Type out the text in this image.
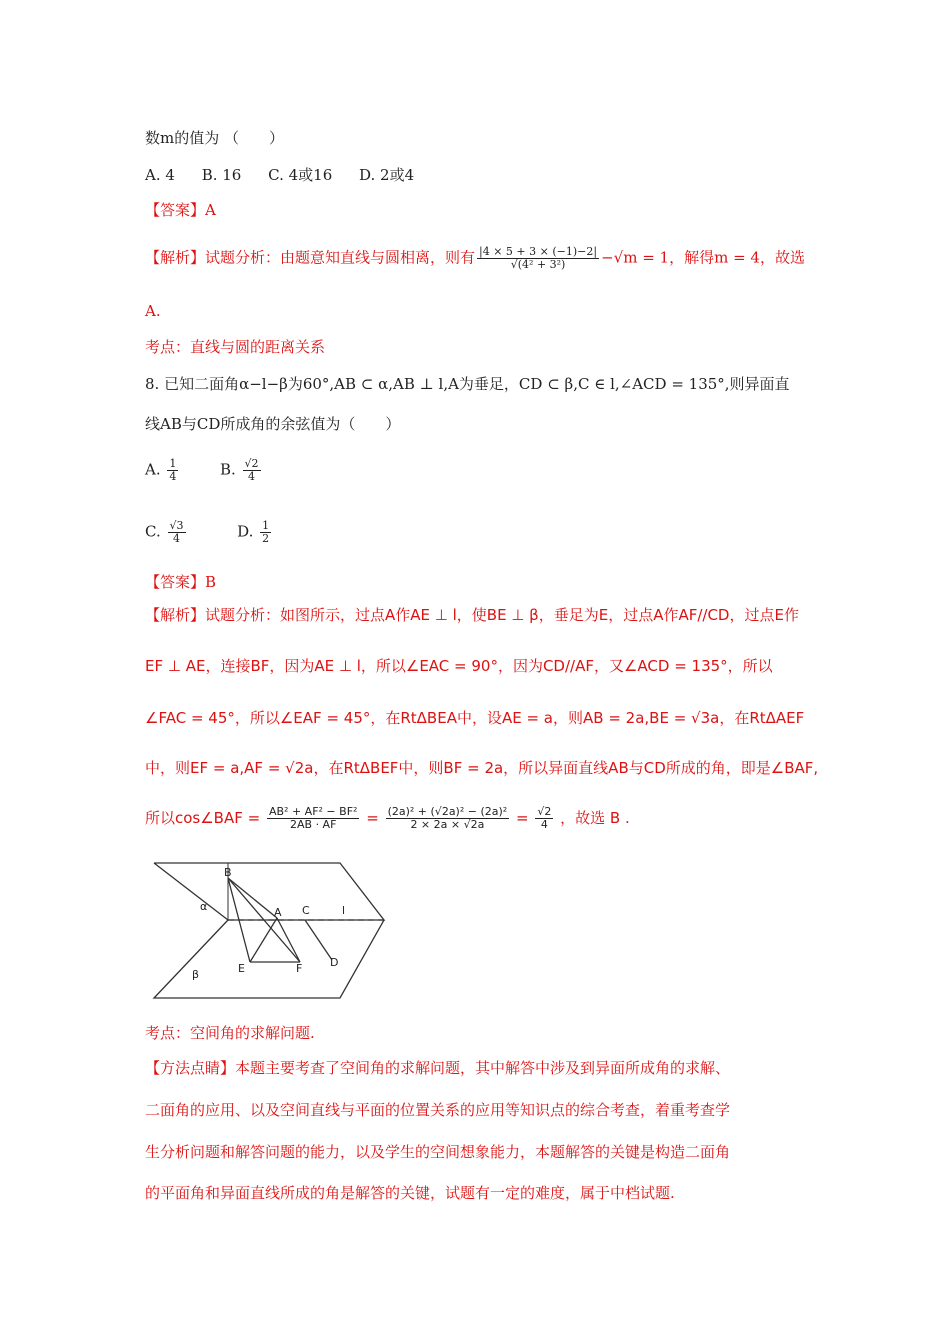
数m的值为 （　　）
A. 4 B. 16 C. 4或16 D. 2或4
【答案】A
【解析】试题分析：由题意知直线与圆相离，则有 $\frac{|4 \times 5 + 3 \times (-1)-2|}{\text{√(4² + 3²)}} -√m = 1$，解得m = 4，故选
A.
考点：直线与圆的距离关系
8. 已知二面角α−l−β为60°,AB ⊂ α,AB ⊥ l,A为垂足，CD ⊂ β,C ∈ l,∠ACD = 135°,则异面直
线AB与CD所成角的余弦值为（　　）
A. $\frac{1}{4}$	B. $\frac{√2}{4}$
C. $\frac{√3}{4}$	D. $\frac{1}{2}$
【答案】B
【解析】试题分析：如图所示，过点A作AE ⊥ l，使BE ⊥ β，垂足为E，过点A作AF//CD，过点E作
EF ⊥ AE，连接BF，因为AE ⊥ l，所以∠EAC = 90°，因为CD//AF，又∠ACD = 135°，所以
∠FAC = 45°，所以∠EAF = 45°，在RtΔBEA中，设AE = a，则AB = 2a,BE = √3a，在RtΔAEF
中，则EF = a,AF = √2a，在RtΔBEF中，则BF = 2a，所以异面直线AB与CD所成的角，即是∠BAF,
所以cos∠BAF = $\frac{\text{AB² + AF² − BF²}}{2AB \cdot AF} = \frac{\text{(2a)² + (√2a)² − (2a)²}}{2 \times 2a \times √2a} = \frac{√2}{4}$ ，故选 B .
α
β
B
A C	l
E	F	D
考点：空间角的求解问题.
【方法点睛】本题主要考查了空间角的求解问题，其中解答中涉及到异面所成角的求解、
二面角的应用、以及空间直线与平面的位置关系的应用等知识点的综合考查，着重考查学
生分析问题和解答问题的能力，以及学生的空间想象能力，本题解答的关键是构造二面角
的平面角和异面直线所成的角是解答的关键，试题有一定的难度，属于中档试题.
